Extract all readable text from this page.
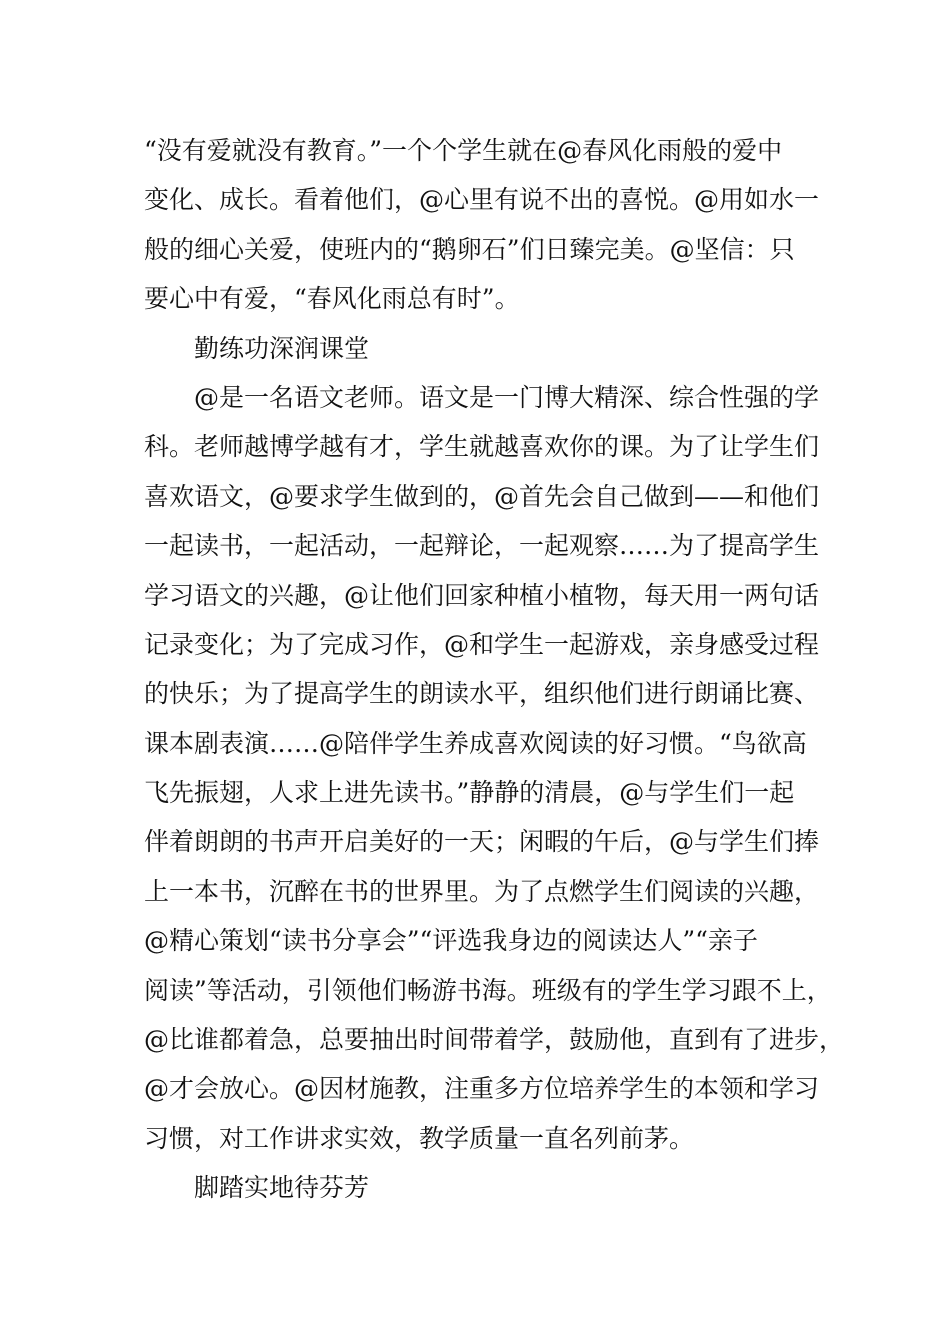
“没有爱就没有教育。”一个个学生就在@春风化雨般的爱中
变化、成长。看着他们，@心里有说不出的喜悦。@用如水一
般的细心关爱，使班内的“鹅卵石”们日臻完美。@坚信：只
要心中有爱，“春风化雨总有时”。
勤练功深润课堂
@是一名语文老师。语文是一门博大精深、综合性强的学
科。老师越博学越有才，学生就越喜欢你的课。为了让学生们
喜欢语文，@要求学生做到的，@首先会自己做到——和他们
一起读书，一起活动，一起辩论，一起观察……为了提高学生
学习语文的兴趣，@让他们回家种植小植物，每天用一两句话
记录变化；为了完成习作，@和学生一起游戏，亲身感受过程
的快乐；为了提高学生的朗读水平，组织他们进行朗诵比赛、
课本剧表演……@陪伴学生养成喜欢阅读的好习惯。“鸟欲高
飞先振翅，人求上进先读书。”静静的清晨，@与学生们一起
伴着朗朗的书声开启美好的一天；闲暇的午后，@与学生们捧
上一本书，沉醉在书的世界里。为了点燃学生们阅读的兴趣，
@精心策划“读书分享会”“评选我身边的阅读达人”“亲子
阅读”等活动，引领他们畅游书海。班级有的学生学习跟不上，
@比谁都着急，总要抽出时间带着学，鼓励他，直到有了进步，
@才会放心。@因材施教，注重多方位培养学生的本领和学习
习惯，对工作讲求实效，教学质量一直名列前茅。
脚踏实地待芬芳
